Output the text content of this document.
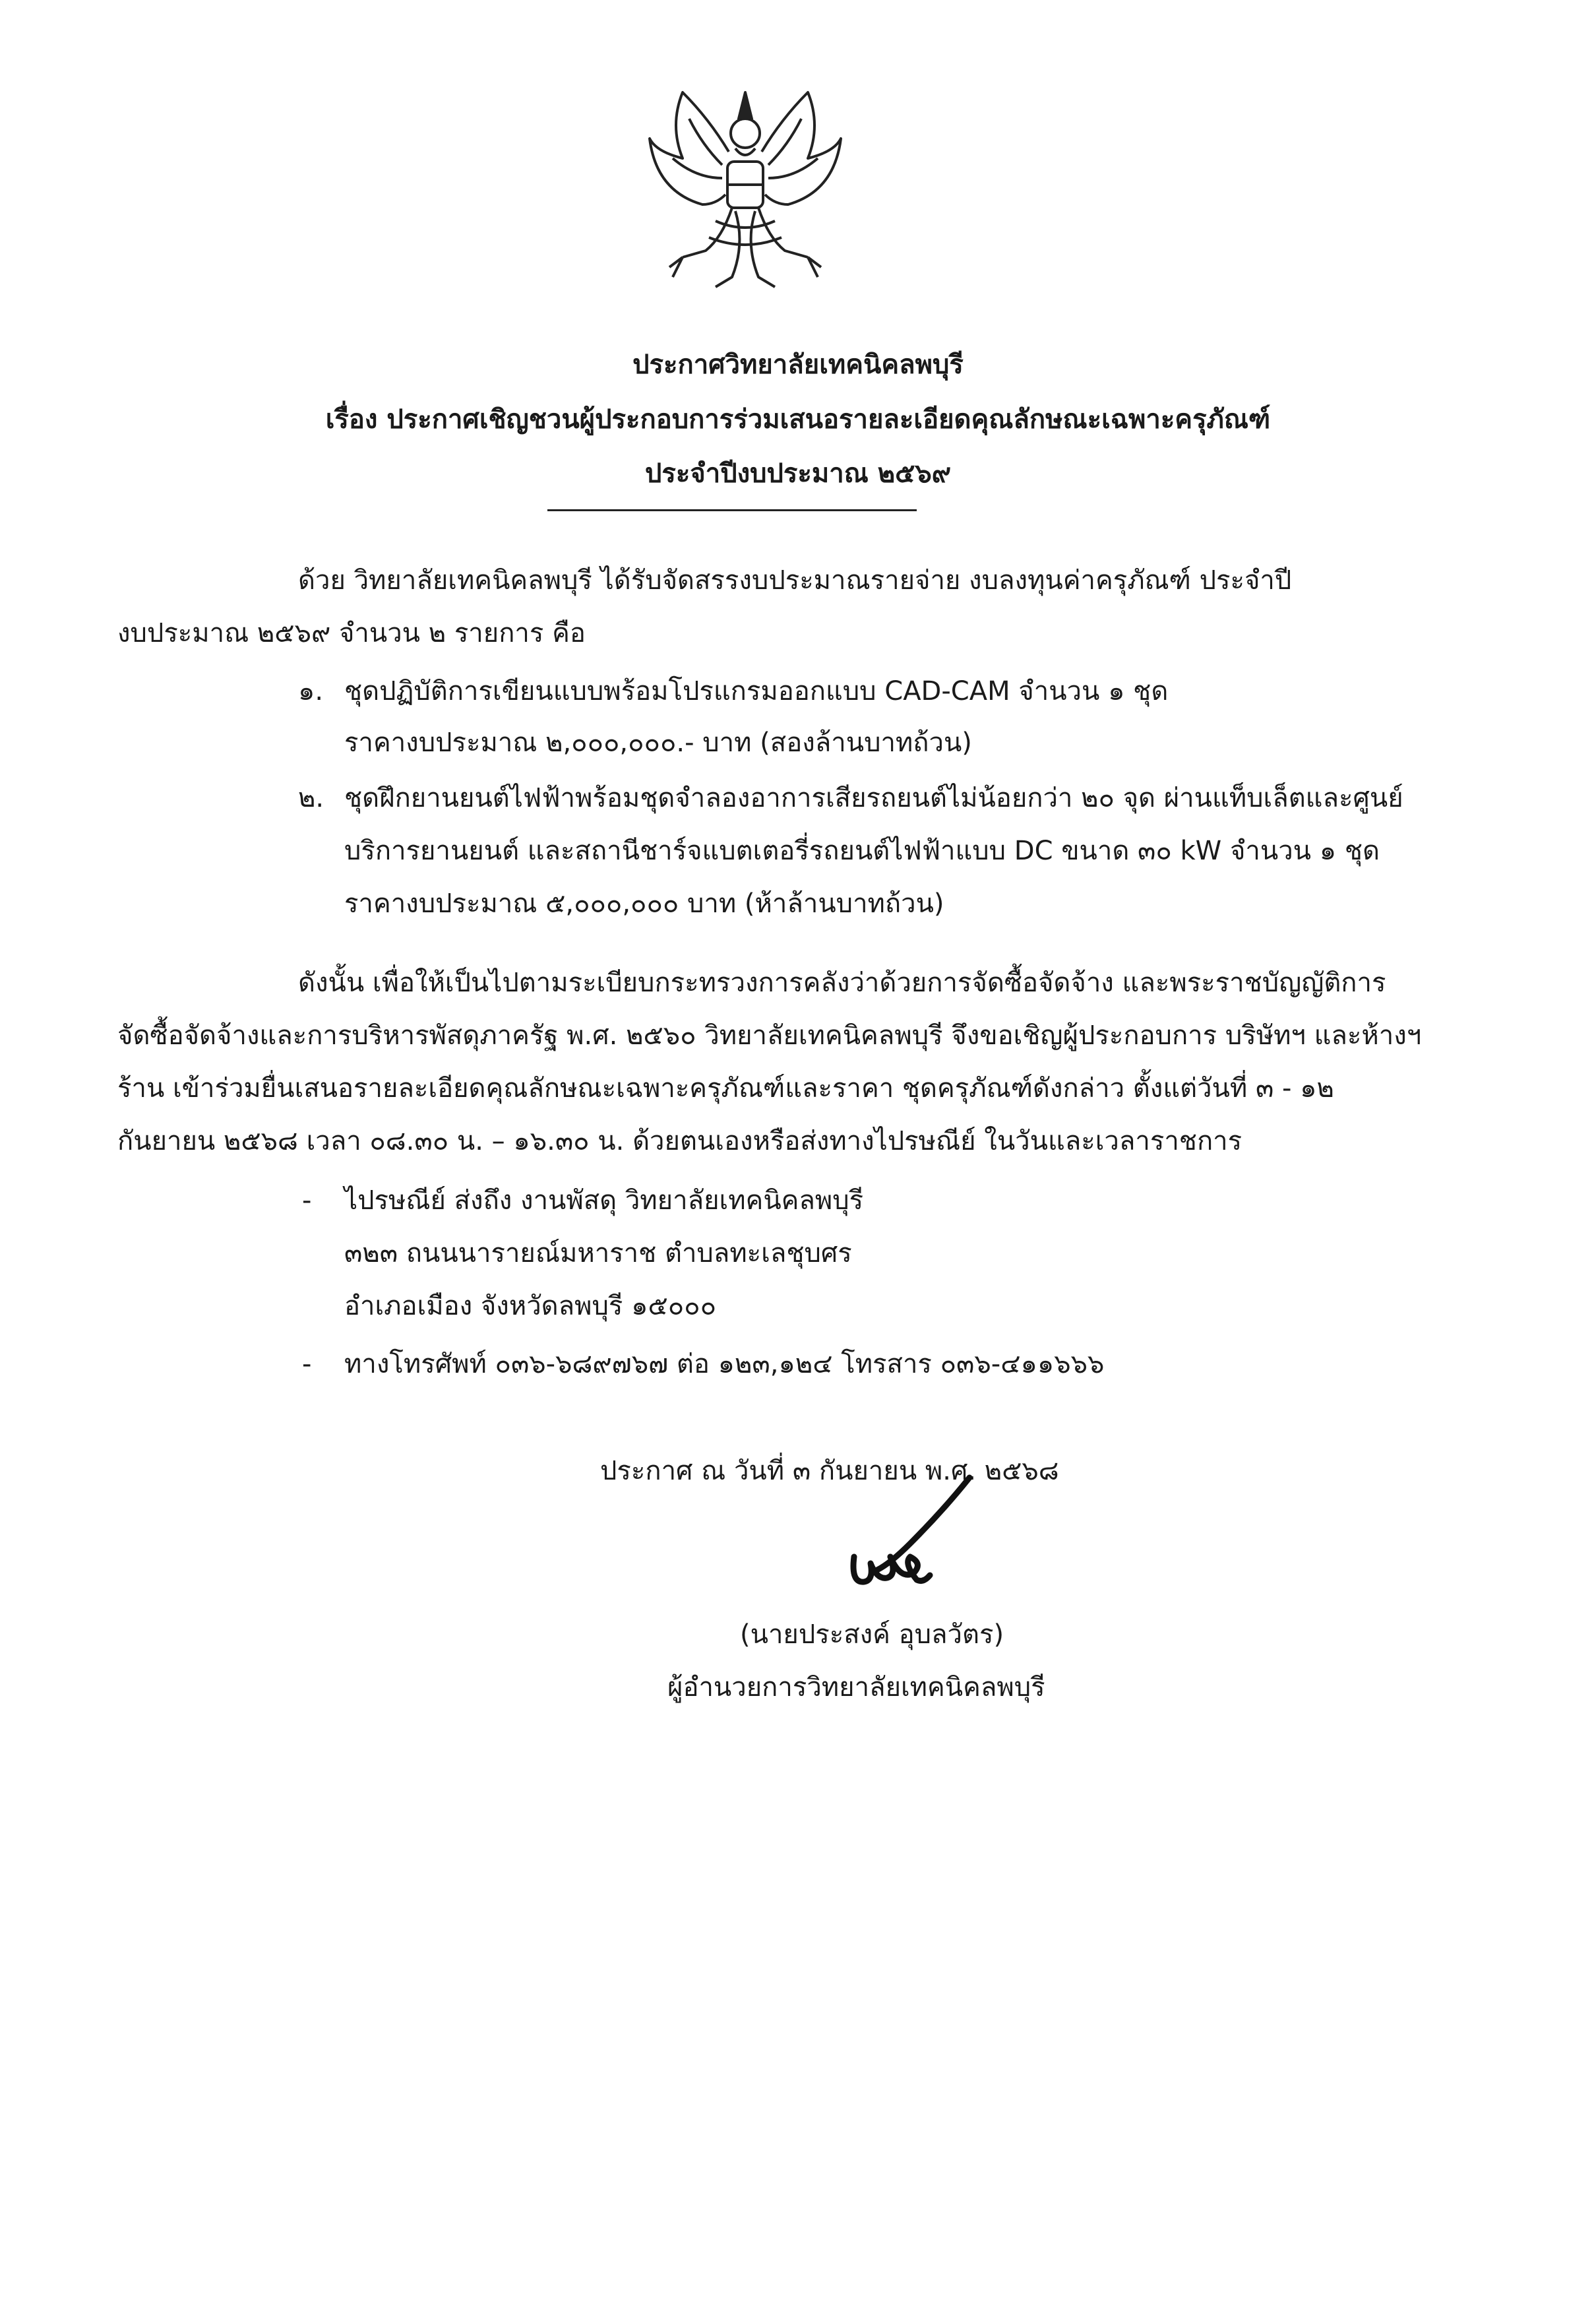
ประกาศวิทยาลัยเทคนิคลพบุรี
เรื่อง ประกาศเชิญชวนผู้ประกอบการร่วมเสนอรายละเอียดคุณลักษณะเฉพาะครุภัณฑ์
ประจำปีงบประมาณ ๒๕๖๙
ด้วย วิทยาลัยเทคนิคลพบุรี ได้รับจัดสรรงบประมาณรายจ่าย งบลงทุนค่าครุภัณฑ์ ประจำปี
งบประมาณ ๒๕๖๙ จำนวน ๒ รายการ คือ
๑. ชุดปฏิบัติการเขียนแบบพร้อมโปรแกรมออกแบบ CAD-CAM จำนวน ๑ ชุด
ราคางบประมาณ ๒,๐๐๐,๐๐๐.- บาท (สองล้านบาทถ้วน)
๒. ชุดฝึกยานยนต์ไฟฟ้าพร้อมชุดจำลองอาการเสียรถยนต์ไม่น้อยกว่า ๒๐ จุด ผ่านแท็บเล็ตและศูนย์
บริการยานยนต์ และสถานีชาร์จแบตเตอรี่รถยนต์ไฟฟ้าแบบ DC ขนาด ๓๐ kW จำนวน ๑ ชุด
ราคางบประมาณ ๕,๐๐๐,๐๐๐ บาท (ห้าล้านบาทถ้วน)
ดังนั้น เพื่อให้เป็นไปตามระเบียบกระทรวงการคลังว่าด้วยการจัดซื้อจัดจ้าง และพระราชบัญญัติการ
จัดซื้อจัดจ้างและการบริหารพัสดุภาครัฐ พ.ศ. ๒๕๖๐ วิทยาลัยเทคนิคลพบุรี จึงขอเชิญผู้ประกอบการ บริษัทฯ และห้างฯ
ร้าน เข้าร่วมยื่นเสนอรายละเอียดคุณลักษณะเฉพาะครุภัณฑ์และราคา ชุดครุภัณฑ์ดังกล่าว ตั้งแต่วันที่ ๓ - ๑๒
กันยายน ๒๕๖๘ เวลา ๐๘.๓๐ น. – ๑๖.๓๐ น. ด้วยตนเองหรือส่งทางไปรษณีย์ ในวันและเวลาราชการ
- ไปรษณีย์ ส่งถึง งานพัสดุ วิทยาลัยเทคนิคลพบุรี
๓๒๓ ถนนนารายณ์มหาราช ตำบลทะเลชุบศร
อำเภอเมือง จังหวัดลพบุรี ๑๕๐๐๐
- ทางโทรศัพท์ ๐๓๖-๖๘๙๗๖๗ ต่อ ๑๒๓,๑๒๔ โทรสาร ๐๓๖-๔๑๑๖๖๖
ประกาศ ณ วันที่ ๓ กันยายน พ.ศ. ๒๕๖๘
(นายประสงค์ อุบลวัตร)
ผู้อำนวยการวิทยาลัยเทคนิคลพบุรี
